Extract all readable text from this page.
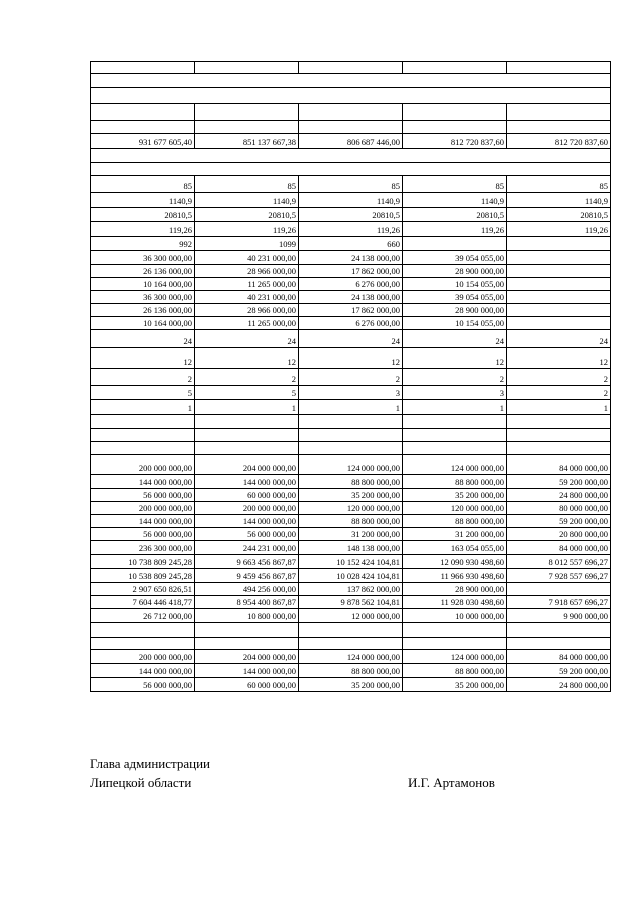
931 677 605,40	851 137 667,38	806 687 446,00	812 720 837,60	812 720 837,60

85	85	85	85	85
1140,9	1140,9	1140,9	1140,9	1140,9
20810,5	20810,5	20810,5	20810,5	20810,5
119,26	119,26	119,26	119,26	119,26
992	1099	660		
36 300 000,00	40 231 000,00	24 138 000,00	39 054 055,00	
26 136 000,00	28 966 000,00	17 862 000,00	28 900 000,00	
10 164 000,00	11 265 000,00	6 276 000,00	10 154 055,00	
36 300 000,00	40 231 000,00	24 138 000,00	39 054 055,00	
26 136 000,00	28 966 000,00	17 862 000,00	28 900 000,00	
10 164 000,00	11 265 000,00	6 276 000,00	10 154 055,00	
24	24	24	24	24
12	12	12	12	12
2	2	2	2	2
5	5	3	3	2
1	1	1	1	1

200 000 000,00	204 000 000,00	124 000 000,00	124 000 000,00	84 000 000,00
144 000 000,00	144 000 000,00	88 800 000,00	88 800 000,00	59 200 000,00
56 000 000,00	60 000 000,00	35 200 000,00	35 200 000,00	24 800 000,00
200 000 000,00	200 000 000,00	120 000 000,00	120 000 000,00	80 000 000,00
144 000 000,00	144 000 000,00	88 800 000,00	88 800 000,00	59 200 000,00
56 000 000,00	56 000 000,00	31 200 000,00	31 200 000,00	20 800 000,00
236 300 000,00	244 231 000,00	148 138 000,00	163 054 055,00	84 000 000,00
10 738 809 245,28	9 663 456 867,87	10 152 424 104,81	12 090 930 498,60	8 012 557 696,27
10 538 809 245,28	9 459 456 867,87	10 028 424 104,81	11 966 930 498,60	7 928 557 696,27
2 907 650 826,51	494 256 000,00	137 862 000,00	28 900 000,00	
7 604 446 418,77	8 954 400 867,87	9 878 562 104,81	11 928 030 498,60	7 918 657 696,27
26 712 000,00	10 800 000,00	12 000 000,00	10 000 000,00	9 900 000,00

200 000 000,00	204 000 000,00	124 000 000,00	124 000 000,00	84 000 000,00
144 000 000,00	144 000 000,00	88 800 000,00	88 800 000,00	59 200 000,00
56 000 000,00	60 000 000,00	35 200 000,00	35 200 000,00	24 800 000,00
Глава администрации
Липецкой области	И.Г. Артамонов
